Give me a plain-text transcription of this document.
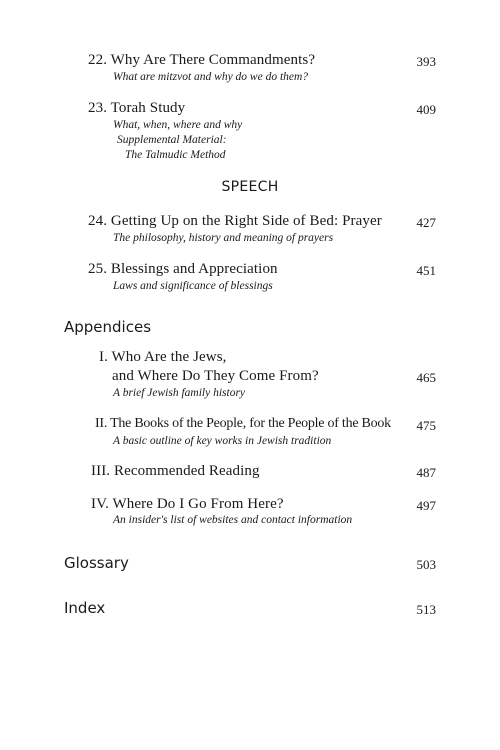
22. Why Are There Commandments?	393
What are mitzvot and why do we do them?
23. Torah Study	409
What, when, where and why
Supplemental Material:
The Talmudic Method
SPEECH
24. Getting Up on the Right Side of Bed: Prayer	427
The philosophy, history and meaning of prayers
25. Blessings and Appreciation	451
Laws and significance of blessings
Appendices
I. Who Are the Jews,
and Where Do They Come From?	465
A brief Jewish family history
II. The Books of the People, for the People of the Book	475
A basic outline of key works in Jewish tradition
III. Recommended Reading	487
IV. Where Do I Go From Here?	497
An insider's list of websites and contact information
Glossary	503
Index	513
